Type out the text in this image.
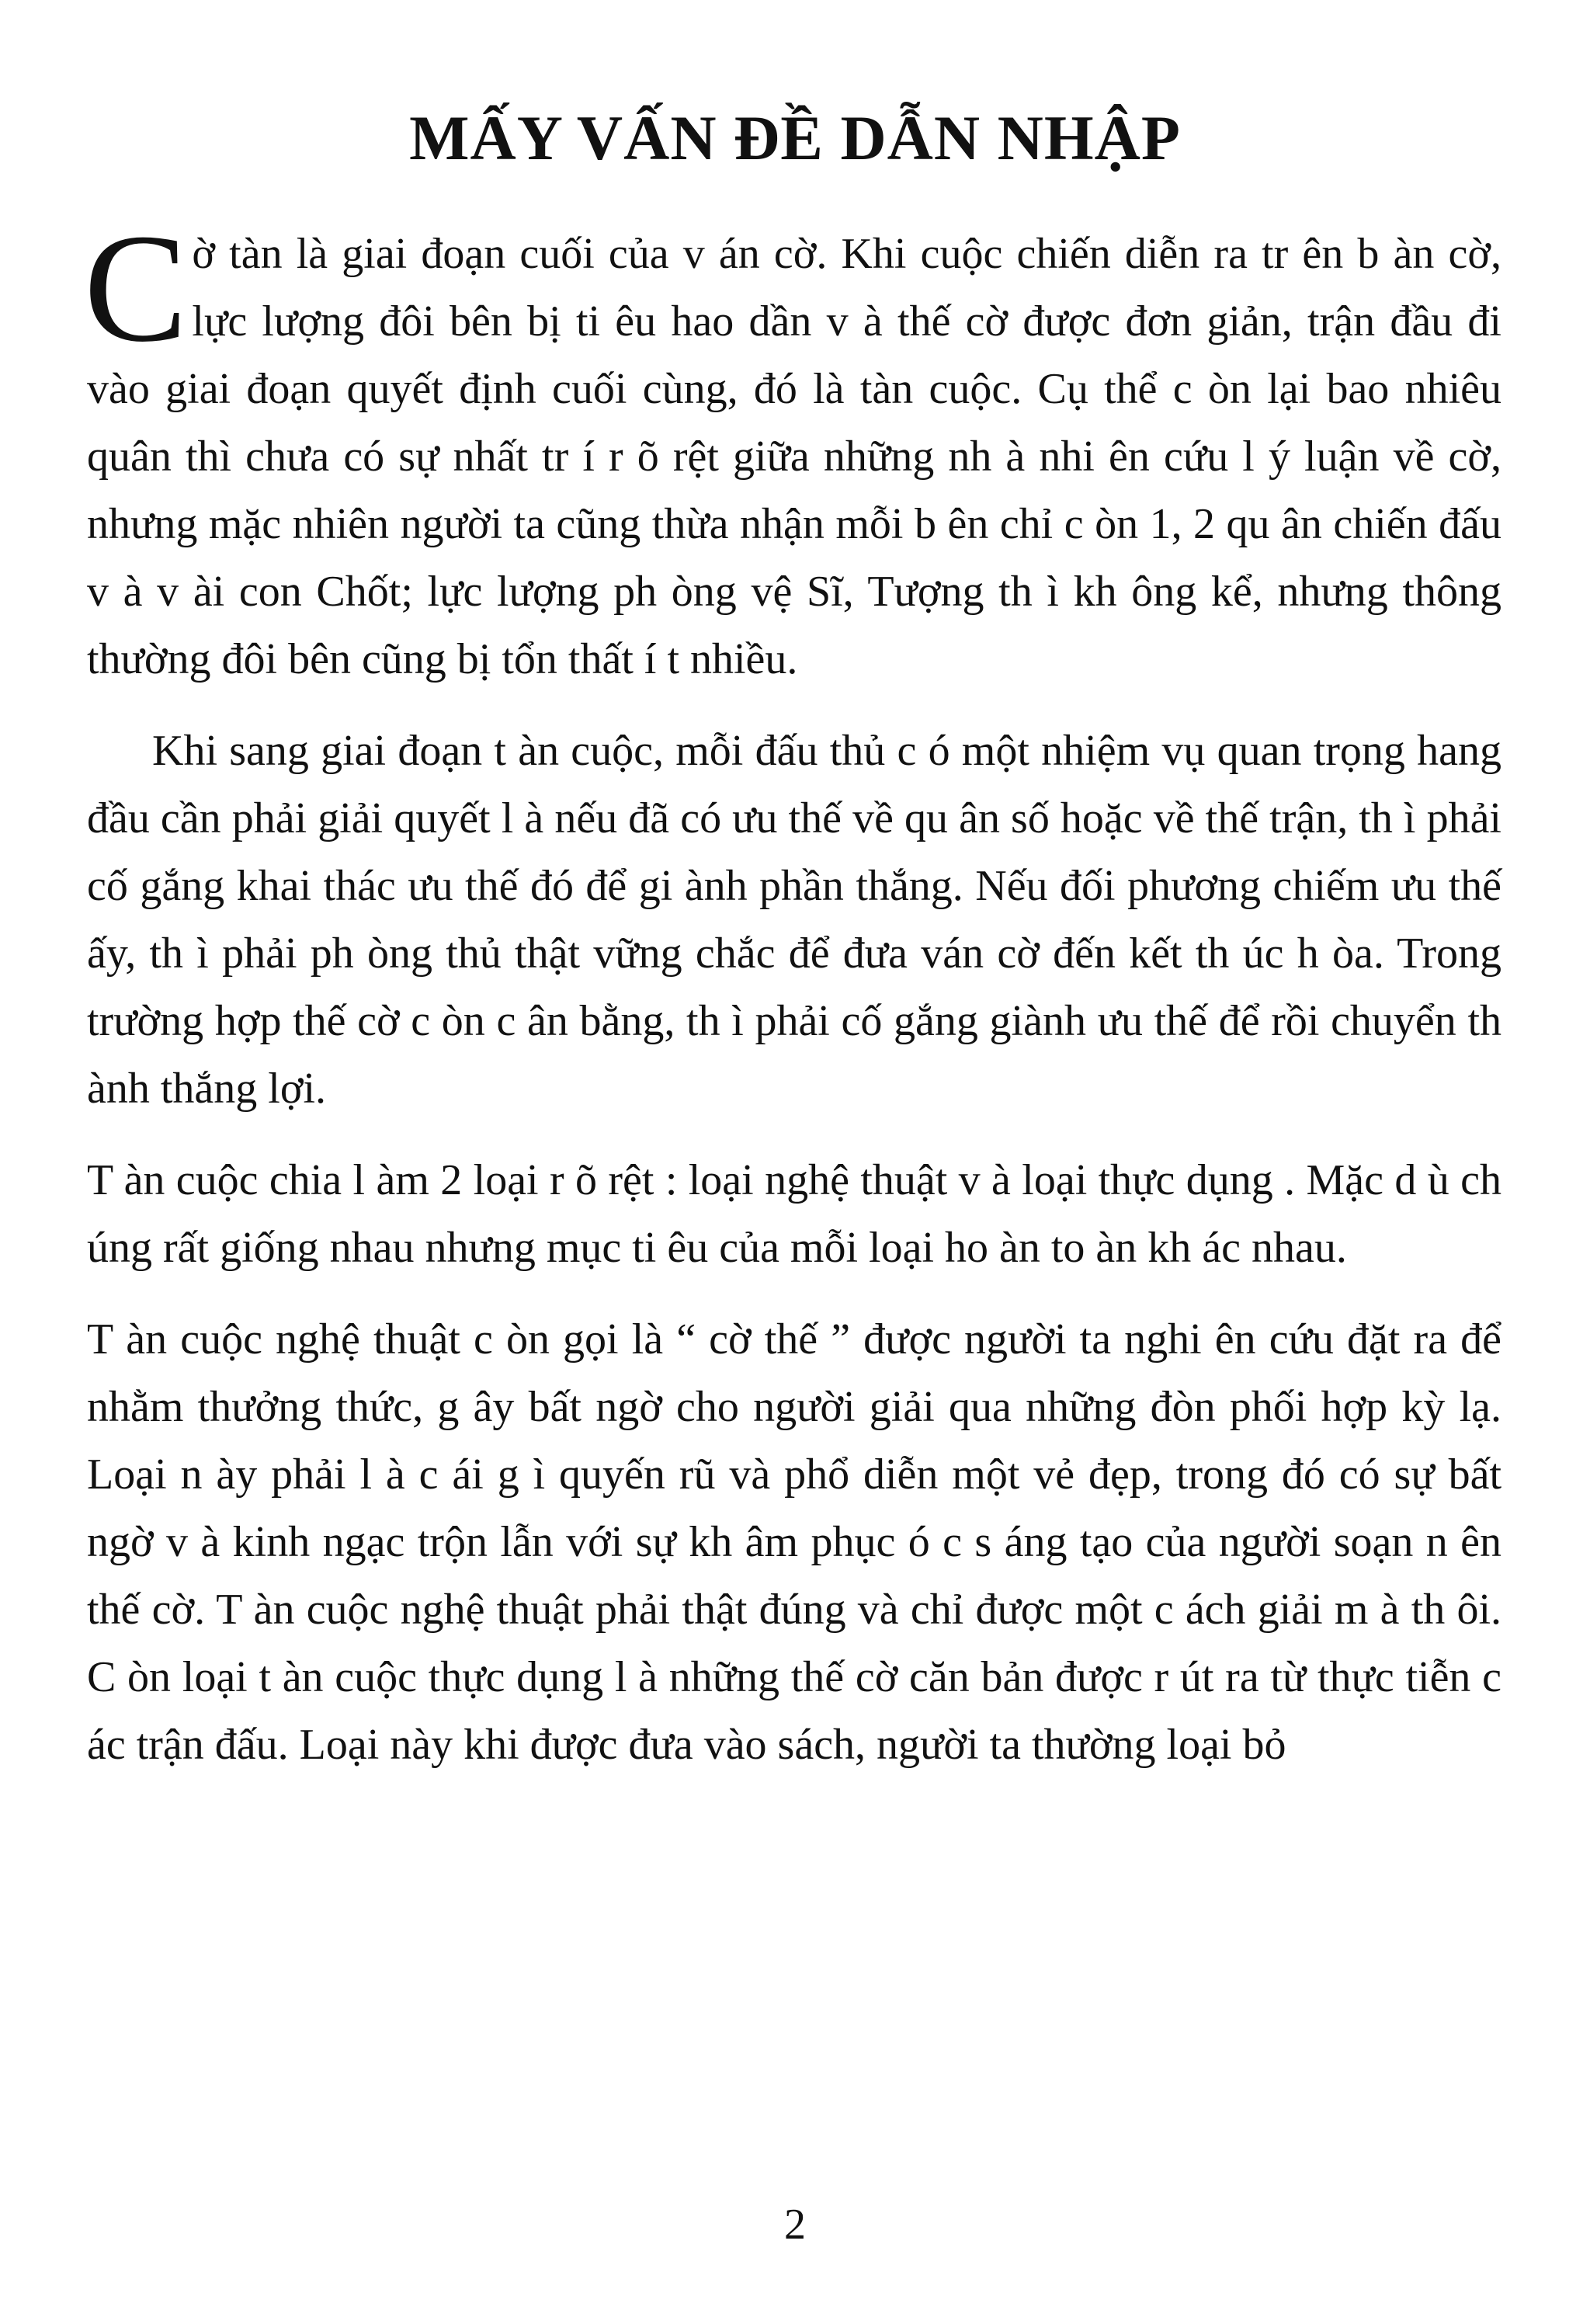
MẤY VẤN ĐỀ DẪN NHẬP

Cờ tàn là giai đoạn cuối của v án cờ. Khi cuộc chiến diễn ra tr ên b àn cờ, lực lượng đôi bên bị ti êu hao dần v à thế cờ được đơn giản, trận đầu đi vào giai đoạn quyết định cuối cùng, đó là tàn cuộc. Cụ thể c òn lại bao nhiêu quân thì chưa có sự nhất tr í r õ rệt giữa những nh à nhi ên cứu l ý luận về cờ, nhưng mặc nhiên người ta cũng thừa nhận mỗi b ên chỉ c òn 1, 2 qu ân chiến đấu v à v ài con Chốt; lực lượng ph òng vệ Sĩ, Tượng th ì kh ông kể, nhưng thông thường đôi bên cũng bị tổn thất í t nhiều.

Khi sang giai đoạn t àn cuộc, mỗi đấu thủ c ó một nhiệm vụ quan trọng hang đầu cần phải giải quyết l à nếu đã có ưu thế về qu ân số hoặc về thế trận, th ì phải cố gắng khai thác ưu thế đó để gi ành phần thắng. Nếu đối phương chiếm ưu thế ấy, th ì phải ph òng thủ thật vững chắc để đưa ván cờ đến kết th úc h òa. Trong trường hợp thế cờ c òn c ân bằng, th ì phải cố gắng giành ưu thế để rồi chuyển th ành thắng lợi.

T àn cuộc chia l àm 2 loại r õ rệt : loại nghệ thuật v à loại thực dụng . Mặc d ù ch úng rất giống nhau nhưng mục ti êu của mỗi loại ho àn to àn kh ác nhau.

T àn cuộc nghệ thuật c òn gọi là “ cờ thế ” được người ta nghi ên cứu đặt ra để nhằm thưởng thức, g ây bất ngờ cho người giải qua những đòn phối hợp kỳ lạ. Loại n ày phải l à c ái g ì quyến rũ và phổ diễn một vẻ đẹp, trong đó có sự bất ngờ v à kinh ngạc trộn lẫn với sự kh âm phục ó c s áng tạo của người soạn n ên thế cờ. T àn cuộc nghệ thuật phải thật đúng và chỉ được một c ách giải m à th ôi. C òn loại t àn cuộc thực dụng l à những thế cờ căn bản được r út ra từ thực tiễn c ác trận đấu. Loại này khi được đưa vào sách, người ta thường loại bỏ

2
